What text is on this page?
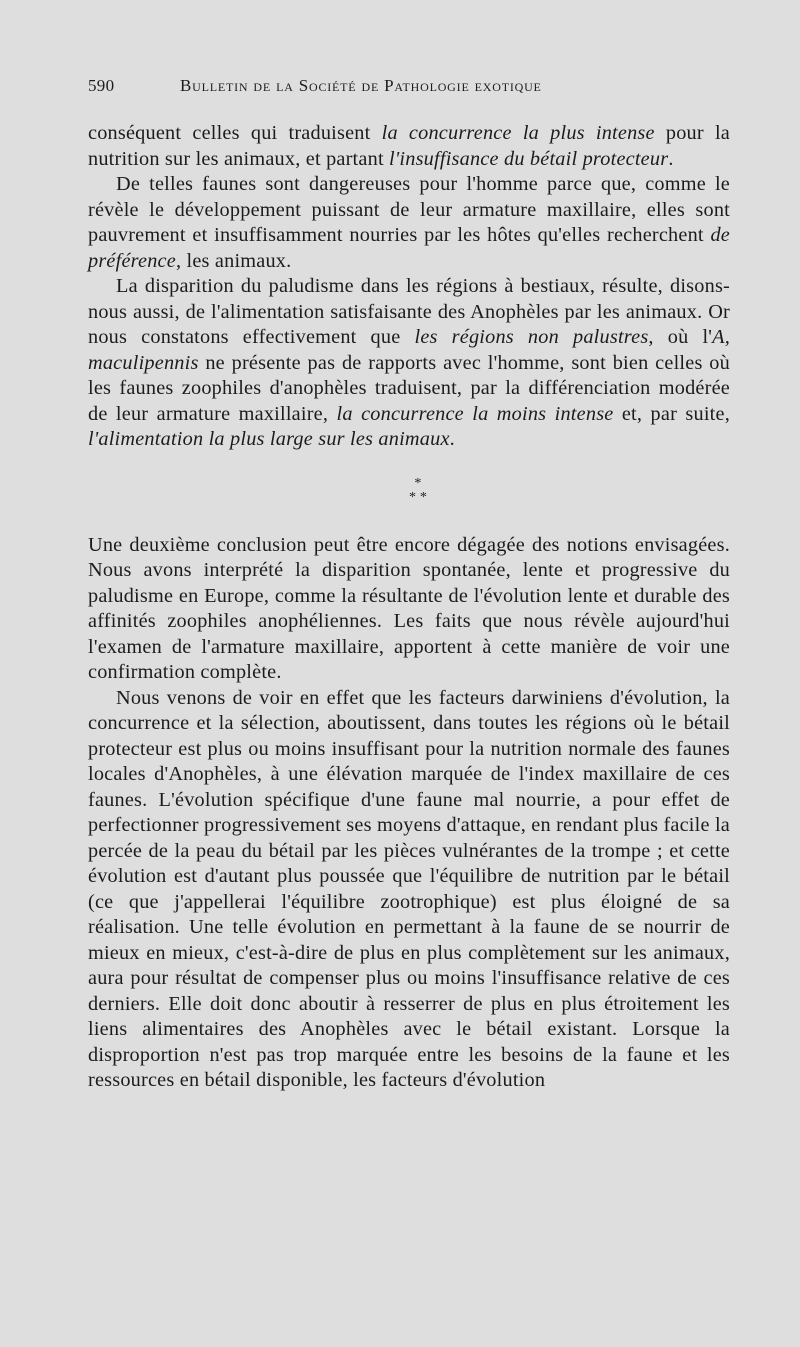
590	Bulletin de la Société de Pathologie exotique

conséquent celles qui traduisent la concurrence la plus intense pour la nutrition sur les animaux, et partant l'insuffisance du bétail protecteur.

De telles faunes sont dangereuses pour l'homme parce que, comme le révèle le développement puissant de leur armature maxillaire, elles sont pauvrement et insuffisamment nourries par les hôtes qu'elles recherchent de préférence, les animaux.

La disparition du paludisme dans les régions à bestiaux, résulte, disons-nous aussi, de l'alimentation satisfaisante des Anophèles par les animaux. Or nous constatons effectivement que les régions non palustres, où l'A, maculipennis ne présente pas de rapports avec l'homme, sont bien celles où les faunes zoophiles d'anophèles traduisent, par la différenciation modérée de leur armature maxillaire, la concurrence la moins intense et, par suite, l'alimentation la plus large sur les animaux.

*
* *

Une deuxième conclusion peut être encore dégagée des notions envisagées. Nous avons interprété la disparition spontanée, lente et progressive du paludisme en Europe, comme la résultante de l'évolution lente et durable des affinités zoophiles anophéliennes. Les faits que nous révèle aujourd'hui l'examen de l'armature maxillaire, apportent à cette manière de voir une confirmation complète.

Nous venons de voir en effet que les facteurs darwiniens d'évolution, la concurrence et la sélection, aboutissent, dans toutes les régions où le bétail protecteur est plus ou moins insuffisant pour la nutrition normale des faunes locales d'Anophèles, à une élévation marquée de l'index maxillaire de ces faunes. L'évolution spécifique d'une faune mal nourrie, a pour effet de perfectionner progressivement ses moyens d'attaque, en rendant plus facile la percée de la peau du bétail par les pièces vulnérantes de la trompe ; et cette évolution est d'autant plus poussée que l'équilibre de nutrition par le bétail (ce que j'appellerai l'équilibre zootrophique) est plus éloigné de sa réalisation. Une telle évolution en permettant à la faune de se nourrir de mieux en mieux, c'est-à-dire de plus en plus complètement sur les animaux, aura pour résultat de compenser plus ou moins l'insuffisance relative de ces derniers. Elle doit donc aboutir à resserrer de plus en plus étroitement les liens alimentaires des Anophèles avec le bétail existant. Lorsque la disproportion n'est pas trop marquée entre les besoins de la faune et les ressources en bétail disponible, les facteurs d'évolution
